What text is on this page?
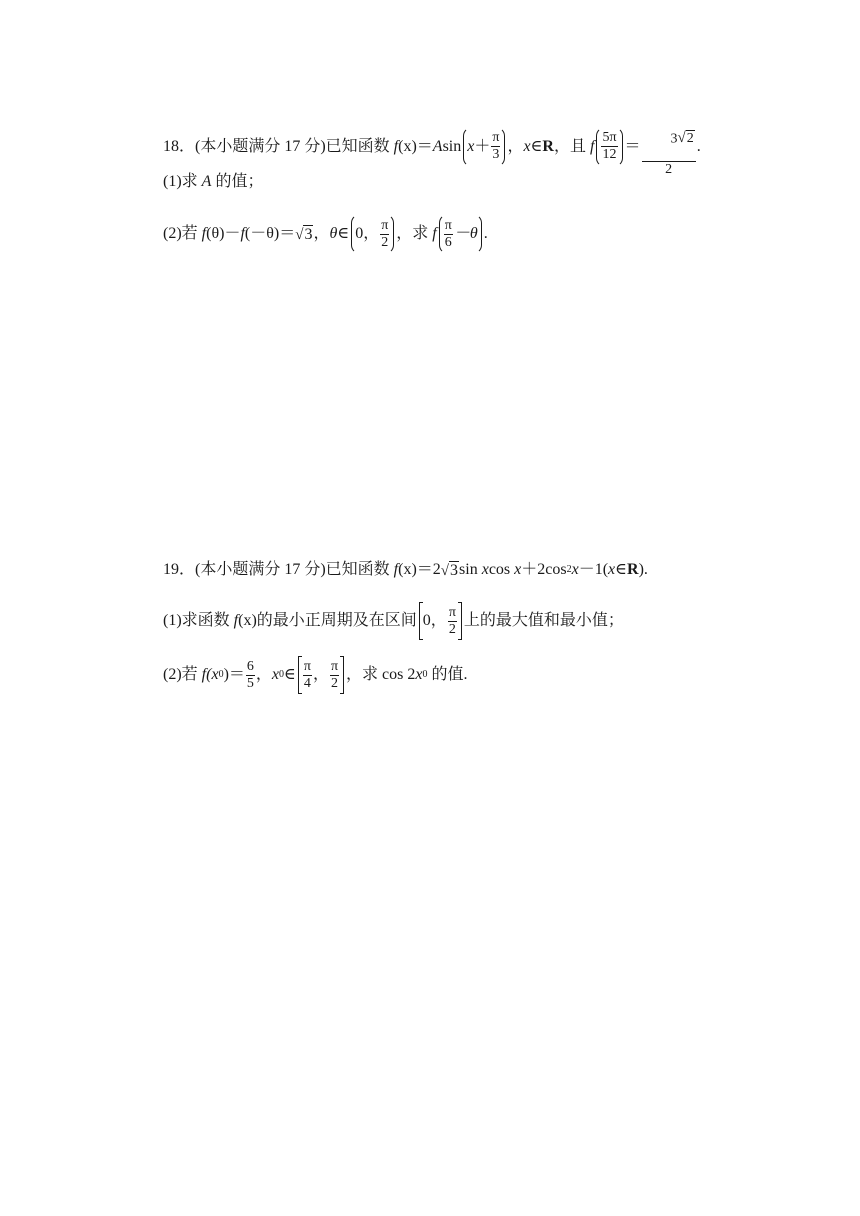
18．(本小题满分 17 分)已知函数 f (x)＝ A $\sin x + \frac{\pi}{3}$ ， x ∈ R ，且 f $\frac{5\pi}{12} = \frac{3 √ 2}{2}$ .
(1)求 A 的值；
(2)若 f (θ)－ f (－θ)＝ √ 3 ， θ ∈ 0， $\frac{\pi}{2}$ ，求 f $\frac{\pi}{6} -\theta$ .
19．(本小题满分 17 分)已知函数 f (x)＝2 √ 3 sin x cos x ＋2cos 2 x －1( x ∈ R ).
(1)求函数 f (x) 的最小正周期及在区间 0， $\frac{\pi}{2}$ 上的最大值和最小值；
(2)若 f (x 0 )＝ $\frac{6}{5}$ ， x 0 ∈ $\frac{\pi}{4}$ ， $\frac{\pi}{2}$ ，求 cos 2 x 0 的值.
